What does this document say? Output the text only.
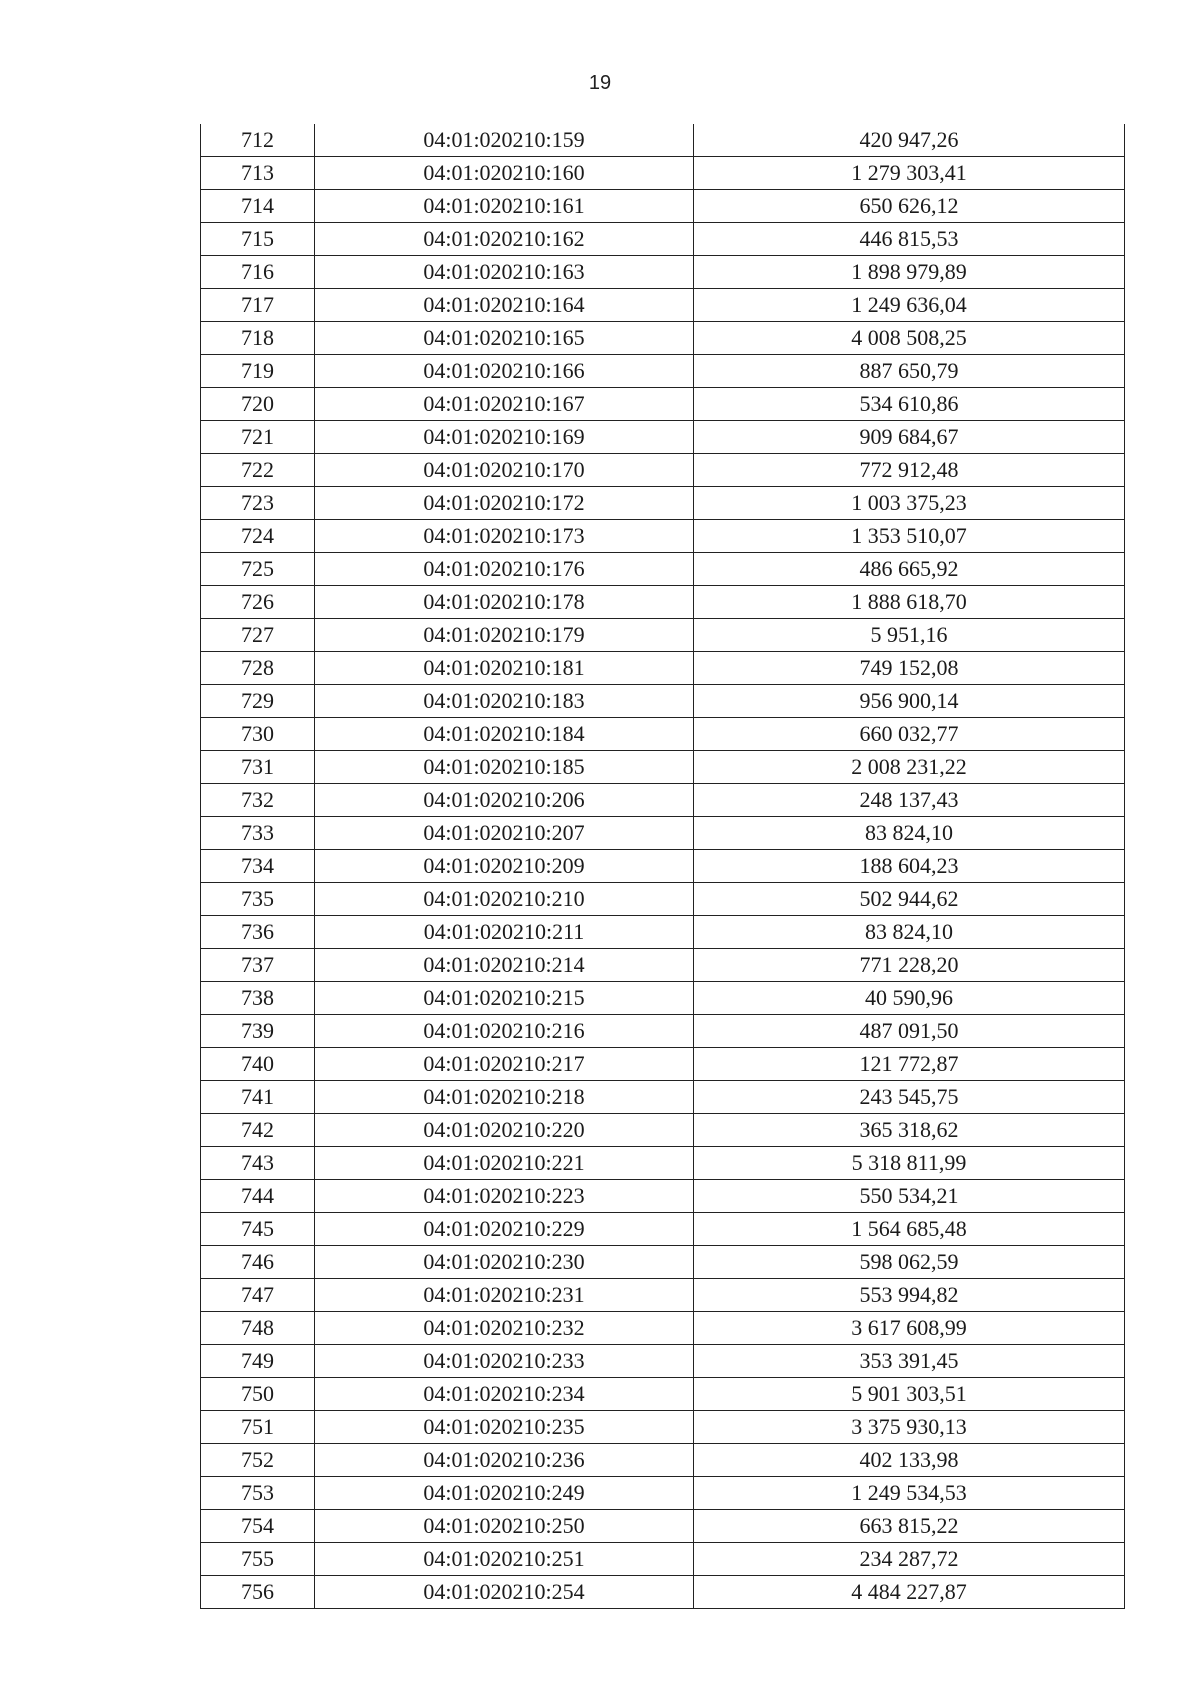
19
712	04:01:020210:159	420 947,26
713	04:01:020210:160	1 279 303,41
714	04:01:020210:161	650 626,12
715	04:01:020210:162	446 815,53
716	04:01:020210:163	1 898 979,89
717	04:01:020210:164	1 249 636,04
718	04:01:020210:165	4 008 508,25
719	04:01:020210:166	887 650,79
720	04:01:020210:167	534 610,86
721	04:01:020210:169	909 684,67
722	04:01:020210:170	772 912,48
723	04:01:020210:172	1 003 375,23
724	04:01:020210:173	1 353 510,07
725	04:01:020210:176	486 665,92
726	04:01:020210:178	1 888 618,70
727	04:01:020210:179	5 951,16
728	04:01:020210:181	749 152,08
729	04:01:020210:183	956 900,14
730	04:01:020210:184	660 032,77
731	04:01:020210:185	2 008 231,22
732	04:01:020210:206	248 137,43
733	04:01:020210:207	83 824,10
734	04:01:020210:209	188 604,23
735	04:01:020210:210	502 944,62
736	04:01:020210:211	83 824,10
737	04:01:020210:214	771 228,20
738	04:01:020210:215	40 590,96
739	04:01:020210:216	487 091,50
740	04:01:020210:217	121 772,87
741	04:01:020210:218	243 545,75
742	04:01:020210:220	365 318,62
743	04:01:020210:221	5 318 811,99
744	04:01:020210:223	550 534,21
745	04:01:020210:229	1 564 685,48
746	04:01:020210:230	598 062,59
747	04:01:020210:231	553 994,82
748	04:01:020210:232	3 617 608,99
749	04:01:020210:233	353 391,45
750	04:01:020210:234	5 901 303,51
751	04:01:020210:235	3 375 930,13
752	04:01:020210:236	402 133,98
753	04:01:020210:249	1 249 534,53
754	04:01:020210:250	663 815,22
755	04:01:020210:251	234 287,72
756	04:01:020210:254	4 484 227,87
